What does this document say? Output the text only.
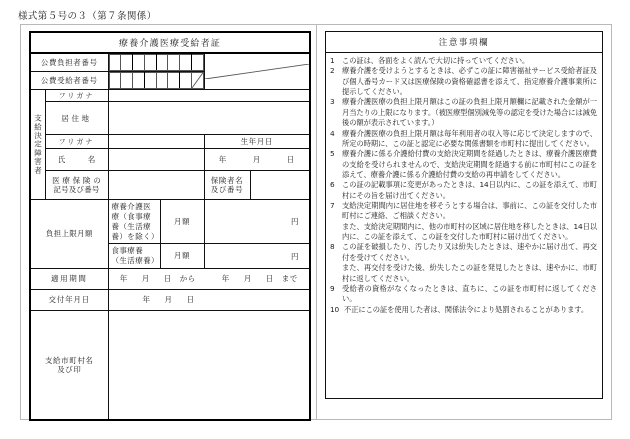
様式第５号の３（第７条関係）
療養介護医療受給者証
公費負担者番号	

公費受給者番号	

支給決定障害者
	フリガナ	
居住地	
フリガナ		生年月日
氏　　　名		年	月	日

医 療 保 険 の
記号及び番号

保険者名
及び番号

負担上限月額	
療養介護医療（食事療
養（生活療養）を除く）
	月額	円
食事療養（生活療養）	月額	円
適用期間	年 月 日 から	年 月 日 まで
交付年月日	年 月 日

支給市町村名
及び印

注意事項欄
1	この証は、各面をよく読んで大切に持っていてください。
2	療養介護を受けようとするときは、必ずこの証に障害福祉サービス受給者証及び個人番号カード又は医療保険の資格確認書を添えて、指定療養介護事業所に提示してください。
3	療養介護医療の負担上限月額はこの証の負担上限月額欄に記載された金額が一月当たりの上限になります。（被医療型個別減免等の認定を受けた場合には減免後の額が表示されています。）
4	療養介護医療の負担上限月額は毎年利用者の収入等に応じて決定しますので、所定の時期に、この証と認定に必要な関係書類を市町村に提出してください。
5	療養介護に係る介護給付費の支給決定期間を経過したときは、療養介護医療費の支給を受けられませんので、支給決定期間を経過する前に市町村にこの証を添えて、療養介護に係る介護給付費の支給の再申請をしてください。
6	この証の記載事項に変更があったときは、14日以内に、この証を添えて、市町村にその旨を届け出てください。
7	支給決定期間内に居住地を移そうとする場合は、事前に、この証を交付した市町村にご連絡、ご相談ください。
また、支給決定期間内に、他の市町村の区域に居住地を移したときは、14日以内に、この証を添えて、この証を交付した市町村に届け出てください。
8	この証を破損したり、汚したり又は紛失したときは、速やかに届け出て、再交付を受けてください。
また、再交付を受けた後、紛失したこの証を発見したときは、速やかに、市町村に返してください。
9	受給者の資格がなくなったときは、直ちに、この証を市町村に返してください。
10 不正にこの証を使用した者は、関係法令により処罰されることがあります。
